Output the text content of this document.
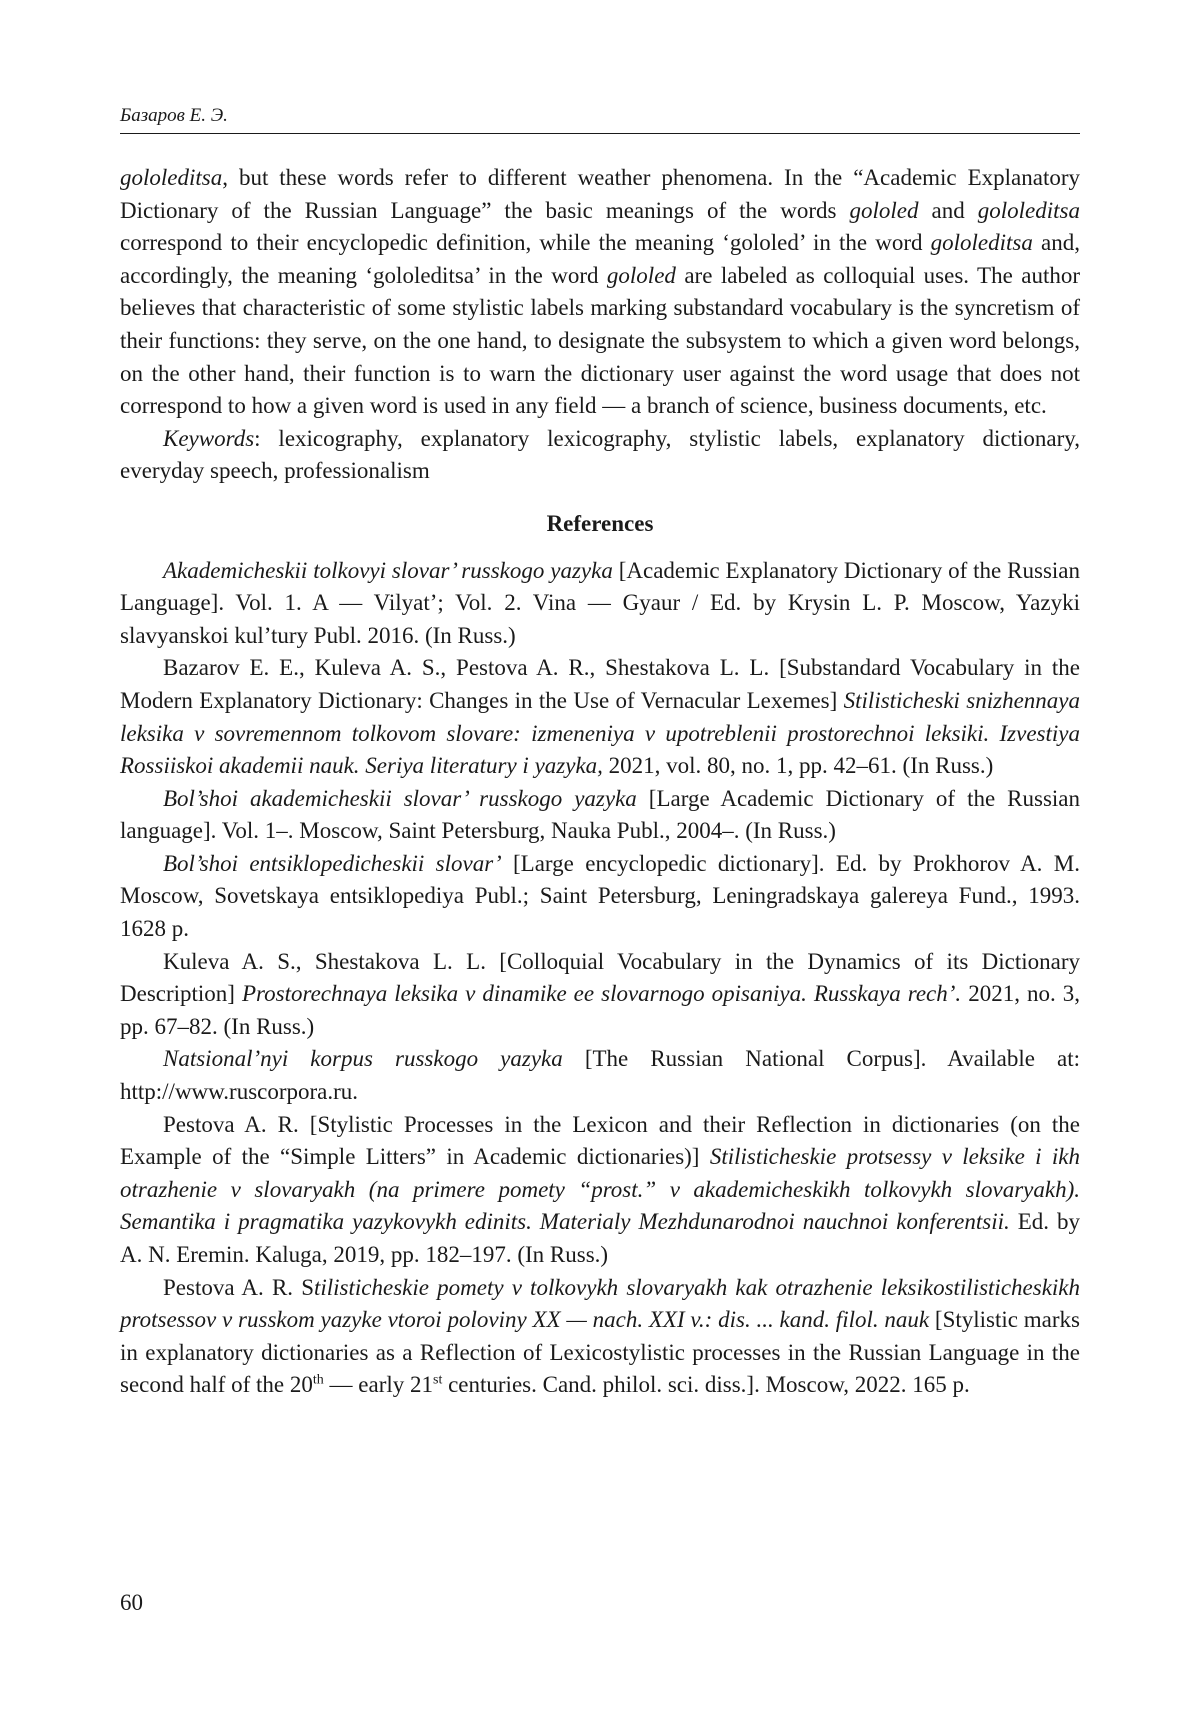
Базаров Е. Э.

gololeditsa, but these words refer to different weather phenomena. In the “Academic Explanatory Dictionary of the Russian Language” the basic meanings of the words gololed and gololeditsa correspond to their encyclopedic definition, while the meaning ‘gololed’ in the word gololeditsa and, accordingly, the meaning ‘gololeditsa’ in the word gololed are labeled as colloquial uses. The author believes that characteristic of some stylistic labels marking substandard vocabulary is the syncretism of their functions: they serve, on the one hand, to designate the subsystem to which a given word belongs, on the other hand, their function is to warn the dictionary user against the word usage that does not correspond to how a given word is used in any field — a branch of science, business documents, etc.

Keywords: lexicography, explanatory lexicography, stylistic labels, explanatory dictionary, everyday speech, professionalism

References

Akademicheskii tolkovyi slovar’ russkogo yazyka [Academic Explanatory Dictionary of the Russian Language]. Vol. 1. A — Vilyat’; Vol. 2. Vina — Gyaur / Ed. by Krysin L. P. Moscow, Yazyki slavyanskoi kul’tury Publ. 2016. (In Russ.)

Bazarov E. E., Kuleva A. S., Pestova A. R., Shestakova L. L. [Substandard Vocabulary in the Modern Explanatory Dictionary: Changes in the Use of Vernacular Lexemes] Stilisticheski snizhennaya leksika v sovremennom tolkovom slovare: izmeneniya v upotreblenii prostorechnoi leksiki. Izvestiya Rossiiskoi akademii nauk. Seriya literatury i yazyka, 2021, vol. 80, no. 1, pp. 42–61. (In Russ.)

Bol’shoi akademicheskii slovar’ russkogo yazyka [Large Academic Dictionary of the Russian language]. Vol. 1–. Moscow, Saint Petersburg, Nauka Publ., 2004–. (In Russ.)

Bol’shoi entsiklopedicheskii slovar’ [Large encyclopedic dictionary]. Ed. by Prokhorov A. M. Moscow, Sovetskaya entsiklopediya Publ.; Saint Petersburg, Leningradskaya galereya Fund., 1993. 1628 p.

Kuleva A. S., Shestakova L. L. [Colloquial Vocabulary in the Dynamics of its Dictionary Description] Prostorechnaya leksika v dinamike ee slovarnogo opisaniya. Russkaya rech’. 2021, no. 3, pp. 67–82. (In Russ.)

Natsional’nyi korpus russkogo yazyka [The Russian National Corpus]. Available at: http://www.ruscorpora.ru.

Pestova A. R. [Stylistic Processes in the Lexicon and their Reflection in dictionaries (on the Example of the “Simple Litters” in Academic dictionaries)] Stilisticheskie protsessy v leksike i ikh otrazhenie v slovaryakh (na primere pomety “prost.” v akademicheskikh tolkovykh slovaryakh). Semantika i pragmatika yazykovykh edinits. Materialy Mezhdunarodnoi nauchnoi konferentsii. Ed. by A. N. Eremin. Kaluga, 2019, pp. 182–197. (In Russ.)

Pestova A. R. Stilisticheskie pomety v tolkovykh slovaryakh kak otrazhenie leksikostilisticheskikh protsessov v russkom yazyke vtoroi poloviny XX — nach. XXI v.: dis. ... kand. filol. nauk [Stylistic marks in explanatory dictionaries as a Reflection of Lexicostylistic processes in the Russian Language in the second half of the 20th — early 21st centuries. Cand. philol. sci. diss.]. Moscow, 2022. 165 p.

60
